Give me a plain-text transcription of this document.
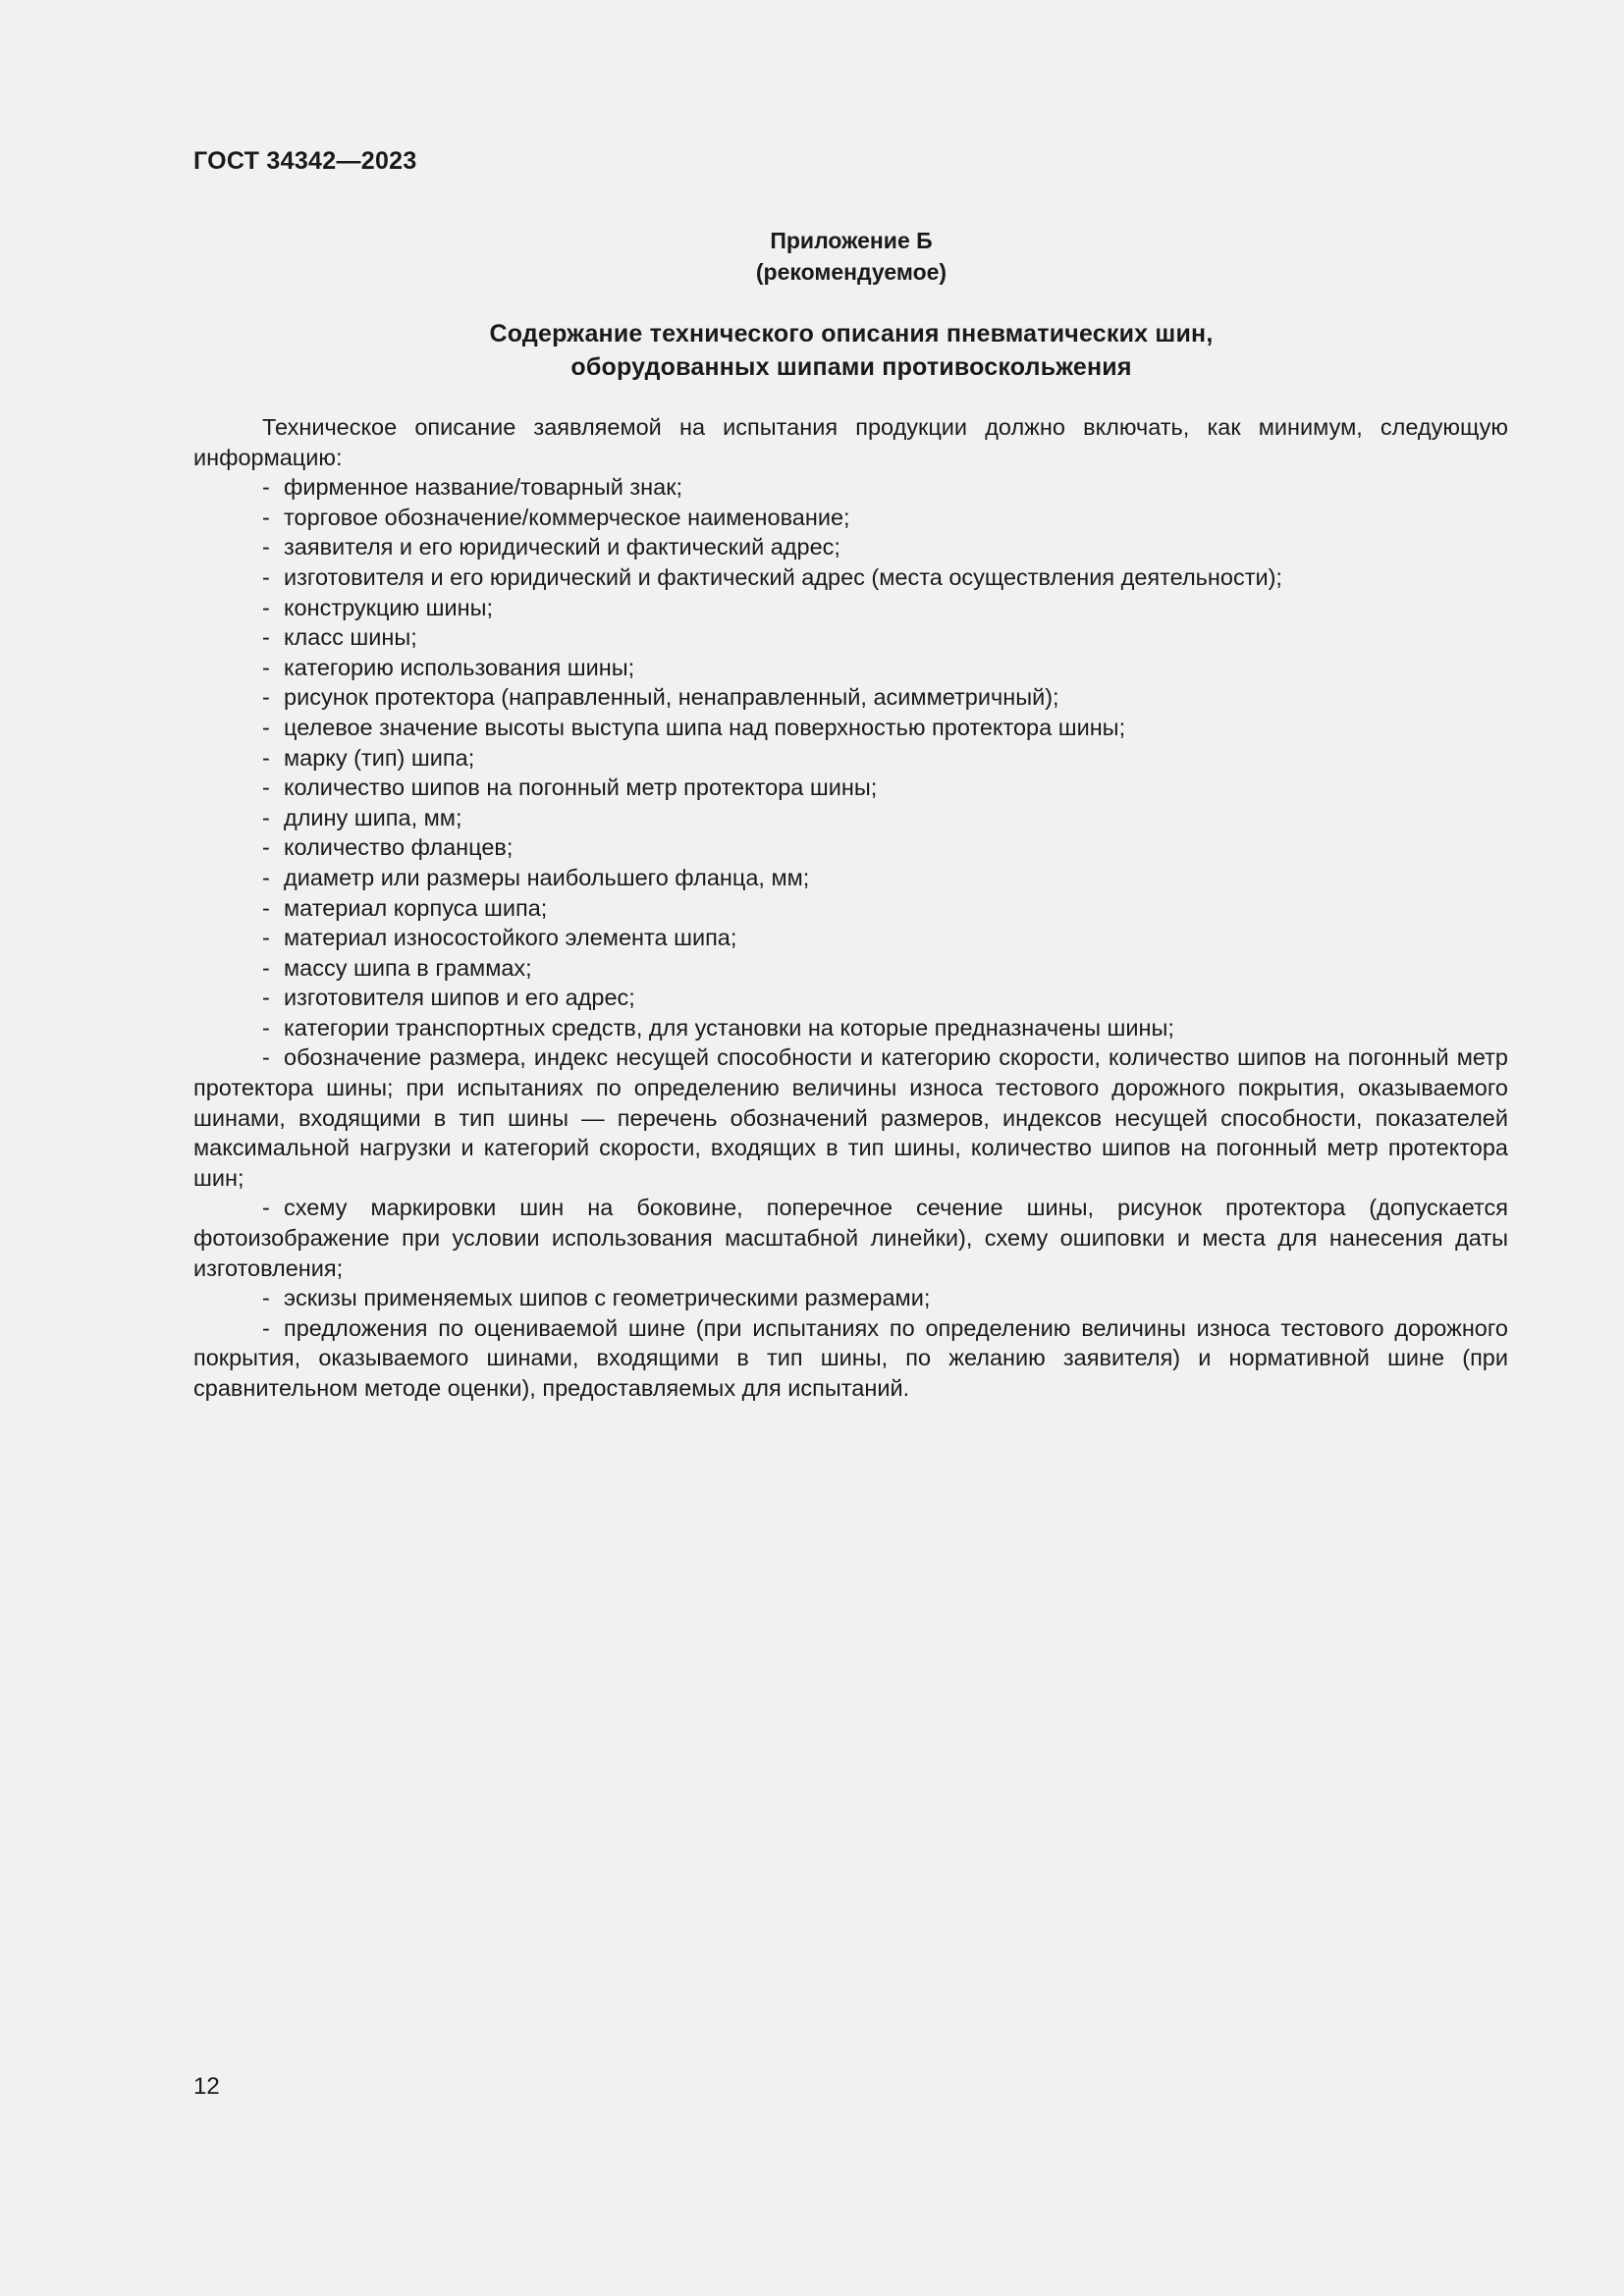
ГОСТ 34342—2023
Приложение Б
(рекомендуемое)
Содержание технического описания пневматических шин,
оборудованных шипами противоскольжения

Техническое описание заявляемой на испытания продукции должно включать, как минимум, следующую информацию:

- фирменное название/товарный знак;

- торговое обозначение/коммерческое наименование;

- заявителя и его юридический и фактический адрес;

- изготовителя и его юридический и фактический адрес (места осуществления деятельности);

- конструкцию шины;

- класс шины;

- категорию использования шины;

- рисунок протектора (направленный, ненаправленный, асимметричный);

- целевое значение высоты выступа шипа над поверхностью протектора шины;

- марку (тип) шипа;

- количество шипов на погонный метр протектора шины;

- длину шипа, мм;

- количество фланцев;

- диаметр или размеры наибольшего фланца, мм;

- материал корпуса шипа;

- материал износостойкого элемента шипа;

- массу шипа в граммах;

- изготовителя шипов и его адрес;

- категории транспортных средств, для установки на которые предназначены шины;

- обозначение размера, индекс несущей способности и категорию скорости, количество шипов на погонный метр протектора шины; при испытаниях по определению величины износа тестового дорожного покрытия, оказываемого шинами, входящими в тип шины — перечень обозначений размеров, индексов несущей способности, показателей максимальной нагрузки и категорий скорости, входящих в тип шины, количество шипов на погонный метр протектора шин;

- схему маркировки шин на боковине, поперечное сечение шины, рисунок протектора (допускается фотоизображение при условии использования масштабной линейки), схему ошиповки и места для нанесения даты изготовления;

- эскизы применяемых шипов с геометрическими размерами;

- предложения по оцениваемой шине (при испытаниях по определению величины износа тестового дорожного покрытия, оказываемого шинами, входящими в тип шины, по желанию заявителя) и нормативной шине (при сравнительном методе оценки), предоставляемых для испытаний.

12
